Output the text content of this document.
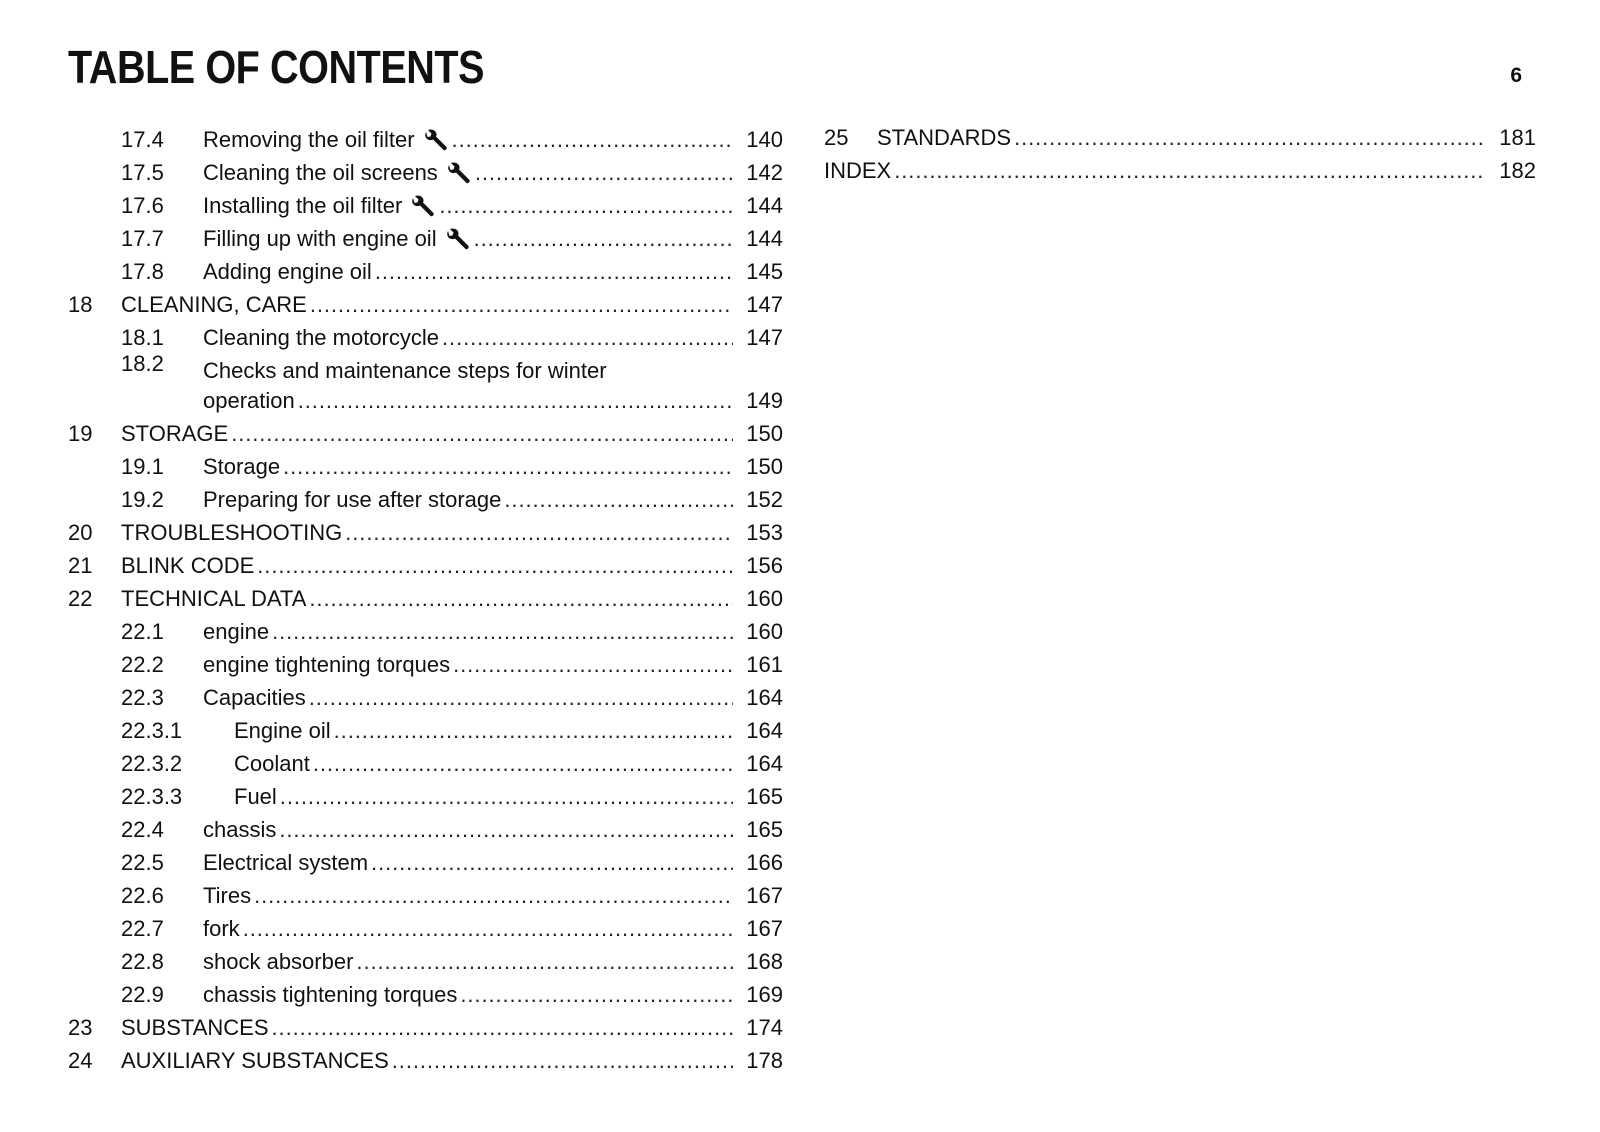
TABLE OF CONTENTS	6
17.4	Removing the oil filter . . .	140
17.5	Cleaning the oil screens . . .	142
17.6	Installing the oil filter . . .	144
17.7	Filling up with engine oil . . .	144
17.8	Adding engine oil . . .	145
18	CLEANING, CARE . . .	147
18.1	Cleaning the motorcycle . . .	147
18.2	Checks and maintenance steps for winter
operation . . .	149
19	STORAGE . . .	150
19.1	Storage . . .	150
19.2	Preparing for use after storage . . .	152
20	TROUBLESHOOTING . . .	153
21	BLINK CODE . . .	156
22	TECHNICAL DATA . . .	160
22.1	engine . . .	160
22.2	engine tightening torques . . .	161
22.3	Capacities . . .	164
22.3.1	Engine oil . . .	164
22.3.2	Coolant . . .	164
22.3.3	Fuel . . .	165
22.4	chassis . . .	165
22.5	Electrical system . . .	166
22.6	Tires . . .	167
22.7	fork . . .	167
22.8	shock absorber . . .	168
22.9	chassis tightening torques . . .	169
23	SUBSTANCES . . .	174
24	AUXILIARY SUBSTANCES . . .	178
25	STANDARDS . . .	181
INDEX . . .	182
